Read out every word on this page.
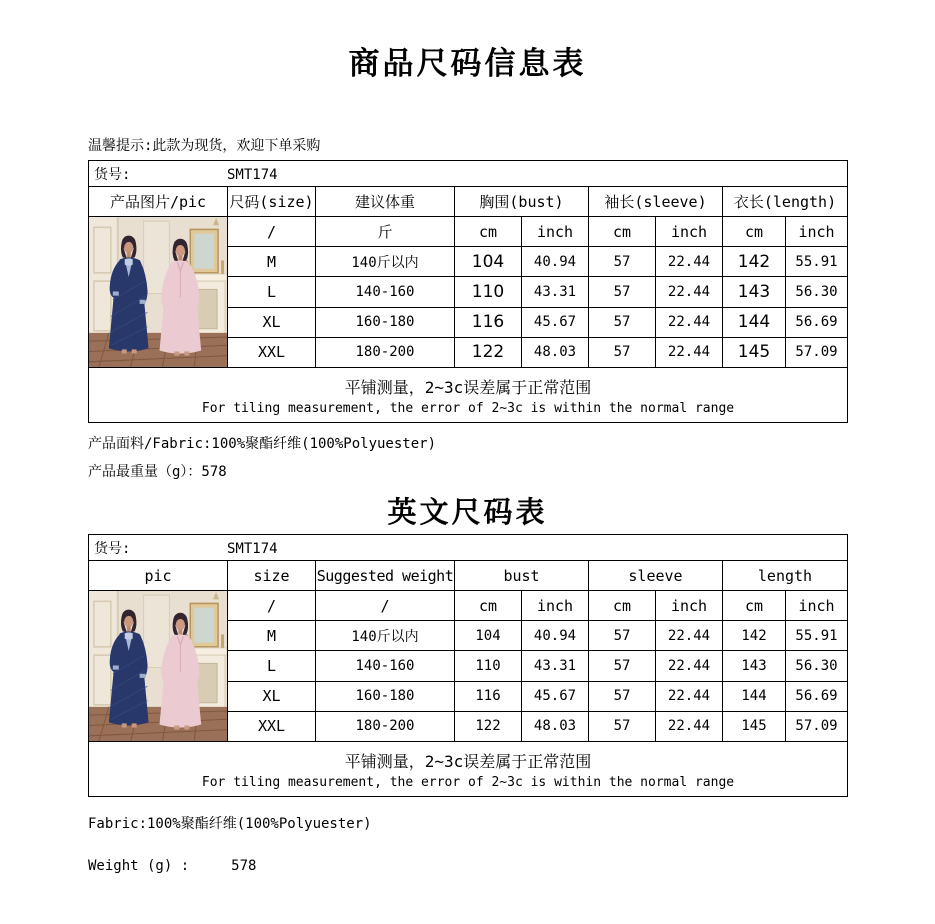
商品尺码信息表
温馨提示:此款为现货，欢迎下单采购
货号: SMT174								
产品图片/pic	尺码(size)	建议体重	胸围(bust)		袖长(sleeve)		衣长(length)	

	/	斤	cm	inch	cm	inch	cm	inch
	M	140斤以内	104	40.94	57	22.44	142	55.91
	L	140-160	110	43.31	57	22.44	143	56.30
	XL	160-180	116	45.67	57	22.44	144	56.69
	XXL	180-200	122	48.03	57	22.44	145	57.09

平铺测量，2~3c误差属于正常范围
For tiling measurement, the error of 2~3c is within the normal range								
产品面料/Fabric:100%聚酯纤维(100%Polyuester)
产品最重量（g）：578
英文尺码表
货号: SMT174								
pic	size	Suggested weight	bust		sleeve		length	

	/	/	cm	inch	cm	inch	cm	inch
	M	140斤以内	104	40.94	57	22.44	142	55.91
	L	140-160	110	43.31	57	22.44	143	56.30
	XL	160-180	116	45.67	57	22.44	144	56.69
	XXL	180-200	122	48.03	57	22.44	145	57.09

平铺测量，2~3c误差属于正常范围
For tiling measurement, the error of 2~3c is within the normal range								
Fabric:100%聚酯纤维(100%Polyuester)
Weight (g) :	578
